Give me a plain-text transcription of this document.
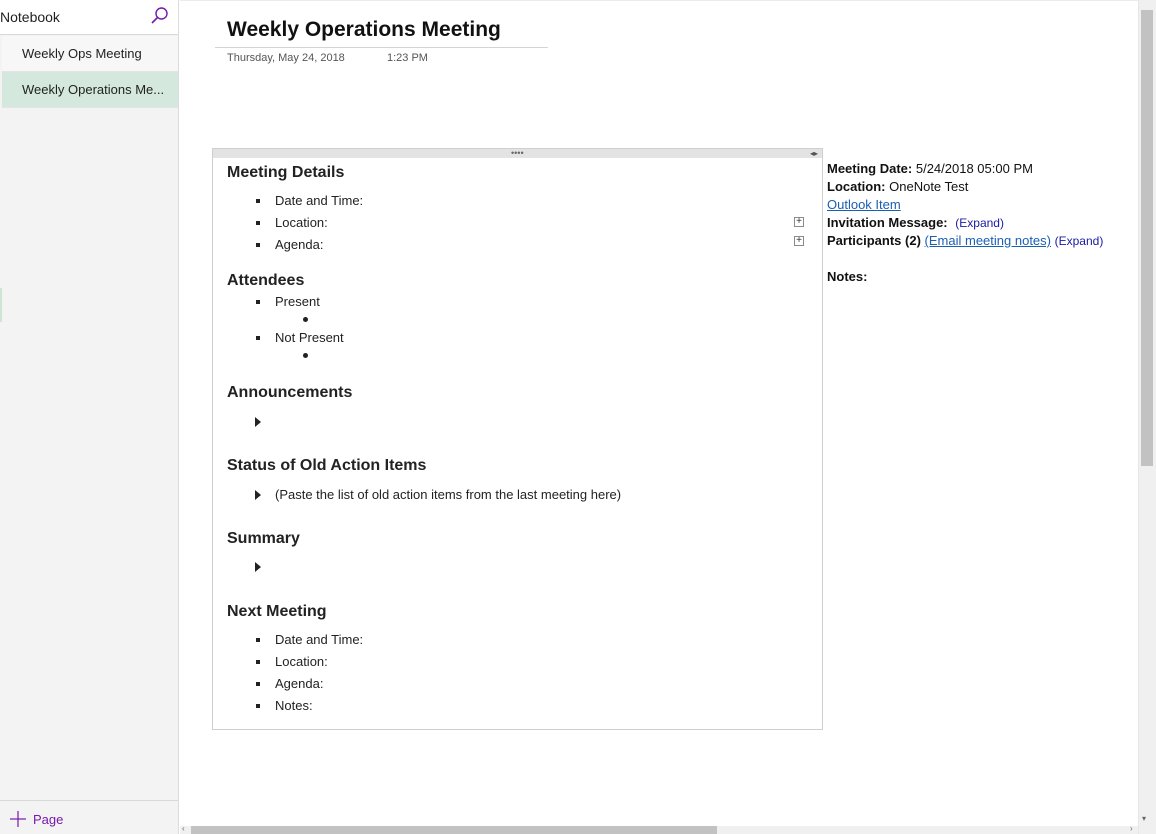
Notebook
Weekly Ops Meeting
Weekly Operations Me...
Page
Weekly Operations Meeting
Thursday, May 24, 2018	1:23 PM
••••	◂▸
Meeting Details
Date and Time:
Location:	+
Agenda:	+
Attendees
Present
Not Present
Announcements
Status of Old Action Items
(Paste the list of old action items from the last meeting here)
Summary
Next Meeting
Date and Time:
Location:
Agenda:
Notes:
Meeting Date: 5/24/2018 05:00 PM
Location: OneNote Test
Outlook Item
Invitation Message: (Expand)
Participants (2) (Email meeting notes) (Expand)
Notes:
▾
‹	›
